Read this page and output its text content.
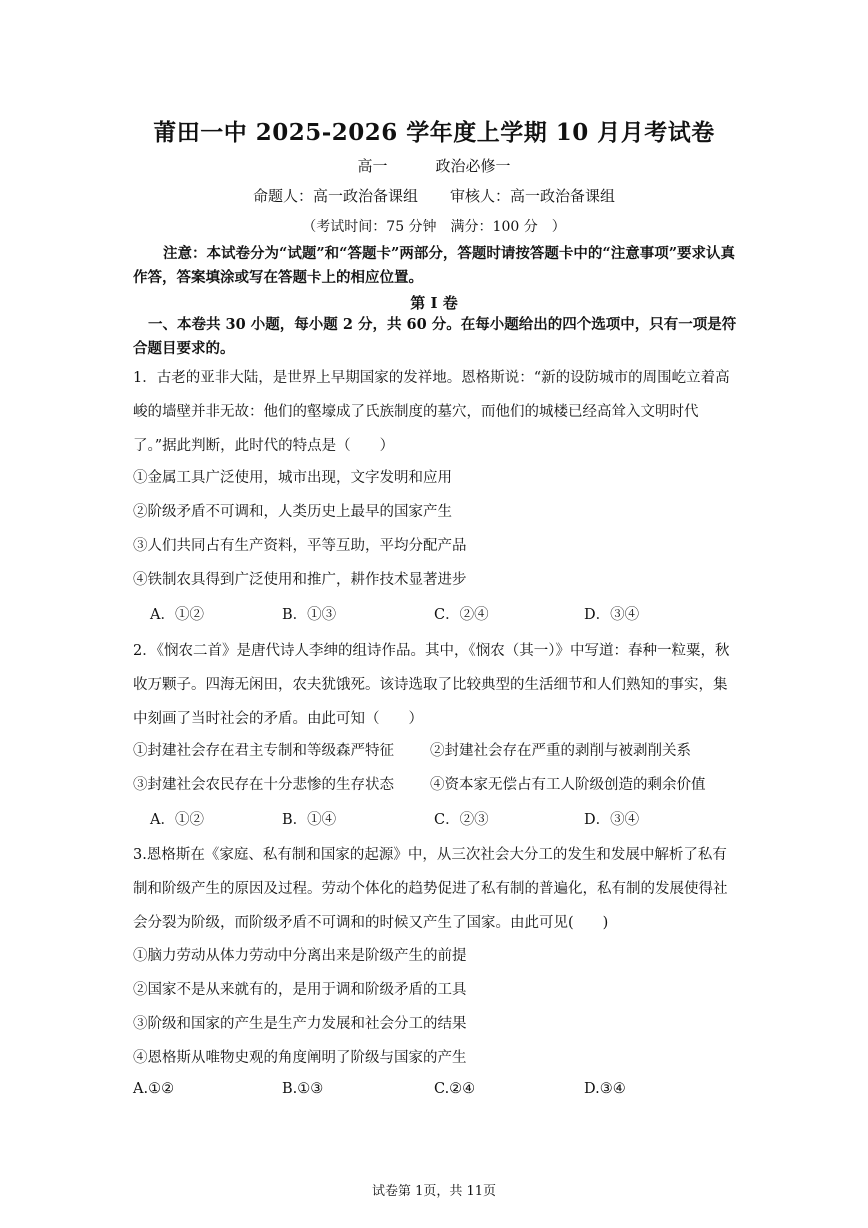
莆田一中 2025-2026 学年度上学期 10 月月考试卷
高一	政治必修一
命题人：高一政治备课组 审核人：高一政治备课组
（考试时间：75 分钟　满分：100 分　）
注意：本试卷分为“试题”和“答题卡”两部分，答题时请按答题卡中的“注意事项”要求认真作答，答案填涂或写在答题卡上的相应位置。
第 I 卷
一、本卷共 30 小题，每小题 2 分，共 60 分。在每小题给出的四个选项中，只有一项是符合题目要求的。
1．古老的亚非大陆，是世界上早期国家的发祥地。恩格斯说：“新的设防城市的周围屹立着高峻的墙壁并非无故：他们的壑壕成了氏族制度的墓穴，而他们的城楼已经高耸入文明时代了。”据此判断，此时代的特点是（　　）
①金属工具广泛使用，城市出现，文字发明和应用
②阶级矛盾不可调和，人类历史上最早的国家产生
③人们共同占有生产资料，平等互助，平均分配产品
④铁制农具得到广泛使用和推广，耕作技术显著进步
A．①②	B．①③	C．②④	D．③④
2．《悯农二首》是唐代诗人李绅的组诗作品。其中，《悯农（其一）》中写道：春种一粒粟，秋收万颗子。四海无闲田，农夫犹饿死。该诗选取了比较典型的生活细节和人们熟知的事实，集中刻画了当时社会的矛盾。由此可知（　　）
①封建社会存在君主专制和等级森严特征 ②封建社会存在严重的剥削与被剥削关系
③封建社会农民存在十分悲惨的生存状态 ④资本家无偿占有工人阶级创造的剩余价值
A．①②	B．①④	C．②③	D．③④
3.恩格斯在《家庭、私有制和国家的起源》中，从三次社会大分工的发生和发展中解析了私有制和阶级产生的原因及过程。劳动个体化的趋势促进了私有制的普遍化，私有制的发展使得社会分裂为阶级，而阶级矛盾不可调和的时候又产生了国家。由此可见(　　)
①脑力劳动从体力劳动中分离出来是阶级产生的前提
②国家不是从来就有的，是用于调和阶级矛盾的工具
③阶级和国家的产生是生产力发展和社会分工的结果
④恩格斯从唯物史观的角度阐明了阶级与国家的产生
A.①②	B.①③	C.②④	D.③④
试卷第 1页，共 11页
